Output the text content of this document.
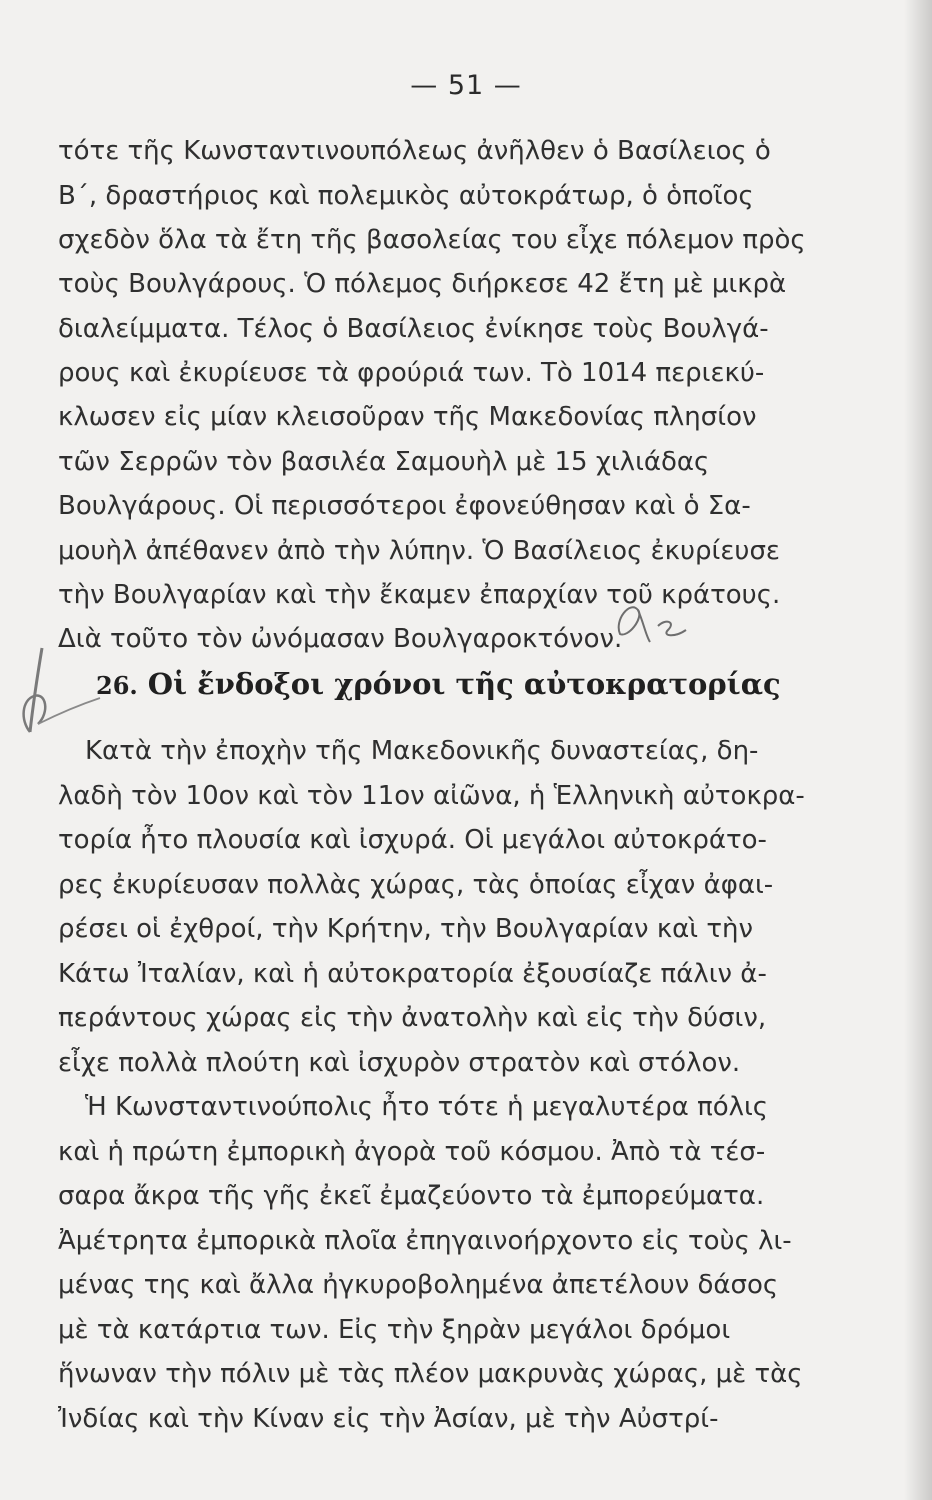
— 51 —
τότε τῆς Κωνσταντινουπόλεως ἀνῆλθεν ὁ Βασίλειος ὁ
Β΄, δραστήριος καὶ πολεμικὸς αὐτοκράτωρ, ὁ ὁποῖος
σχεδὸν ὅλα τὰ ἔτη τῆς βασολείας του εἶχε πόλεμον πρὸς
τοὺς Βουλγάρους. Ὁ πόλεμος διήρκεσε 42 ἔτη μὲ μικρὰ
διαλείμματα. Τέλος ὁ Βασίλειος ἐνίκησε τοὺς Βουλγά-
ρους καὶ ἐκυρίευσε τὰ φρούριά των. Τὸ 1014 περιεκύ-
κλωσεν εἰς μίαν κλεισοῦραν τῆς Μακεδονίας πλησίον
τῶν Σερρῶν τὸν βασιλέα Σαμουὴλ μὲ 15 χιλιάδας
Βουλγάρους. Οἱ περισσότεροι ἐφονεύθησαν καὶ ὁ Σα-
μουὴλ ἀπέθανεν ἀπὸ τὴν λύπην. Ὁ Βασίλειος ἐκυρίευσε
τὴν Βουλγαρίαν καὶ τὴν ἔκαμεν ἐπαρχίαν τοῦ κράτους.
Διὰ τοῦτο τὸν ὠνόμασαν Βουλγαροκτόνον.
26. Οἱ ἔνδοξοι χρόνοι τῆς αὐτοκρατορίας
Κατὰ τὴν ἐποχὴν τῆς Μακεδονικῆς δυναστείας, δη-
λαδὴ τὸν 10ον καὶ τὸν 11ον αἰῶνα, ἡ Ἑλληνικὴ αὐτοκρα-
τορία ἦτο πλουσία καὶ ἰσχυρά. Οἱ μεγάλοι αὐτοκράτο-
ρες ἐκυρίευσαν πολλὰς χώρας, τὰς ὁποίας εἶχαν ἀφαι-
ρέσει οἱ ἐχθροί, τὴν Κρήτην, τὴν Βουλγαρίαν καὶ τὴν
Κάτω Ἰταλίαν, καὶ ἡ αὐτοκρατορία ἐξουσίαζε πάλιν ἀ-
περάντους χώρας εἰς τὴν ἀνατολὴν καὶ εἰς τὴν δύσιν,
εἶχε πολλὰ πλούτη καὶ ἰσχυρὸν στρατὸν καὶ στόλον.
Ἡ Κωνσταντινούπολις ἦτο τότε ἡ μεγαλυτέρα πόλις
καὶ ἡ πρώτη ἐμπορικὴ ἀγορὰ τοῦ κόσμου. Ἀπὸ τὰ τέσ-
σαρα ἄκρα τῆς γῆς ἐκεῖ ἐμαζεύοντο τὰ ἐμπορεύματα.
Ἀμέτρητα ἐμπορικὰ πλοῖα ἐπηγαινοήρχοντο εἰς τοὺς λι-
μένας της καὶ ἄλλα ἠγκυροβολημένα ἀπετέλουν δάσος
μὲ τὰ κατάρτια των. Εἰς τὴν ξηρὰν μεγάλοι δρόμοι
ἥνωναν τὴν πόλιν μὲ τὰς πλέον μακρυνὰς χώρας, μὲ τὰς
Ἰνδίας καὶ τὴν Κίναν εἰς τὴν Ἀσίαν, μὲ τὴν Αὐστρί-
